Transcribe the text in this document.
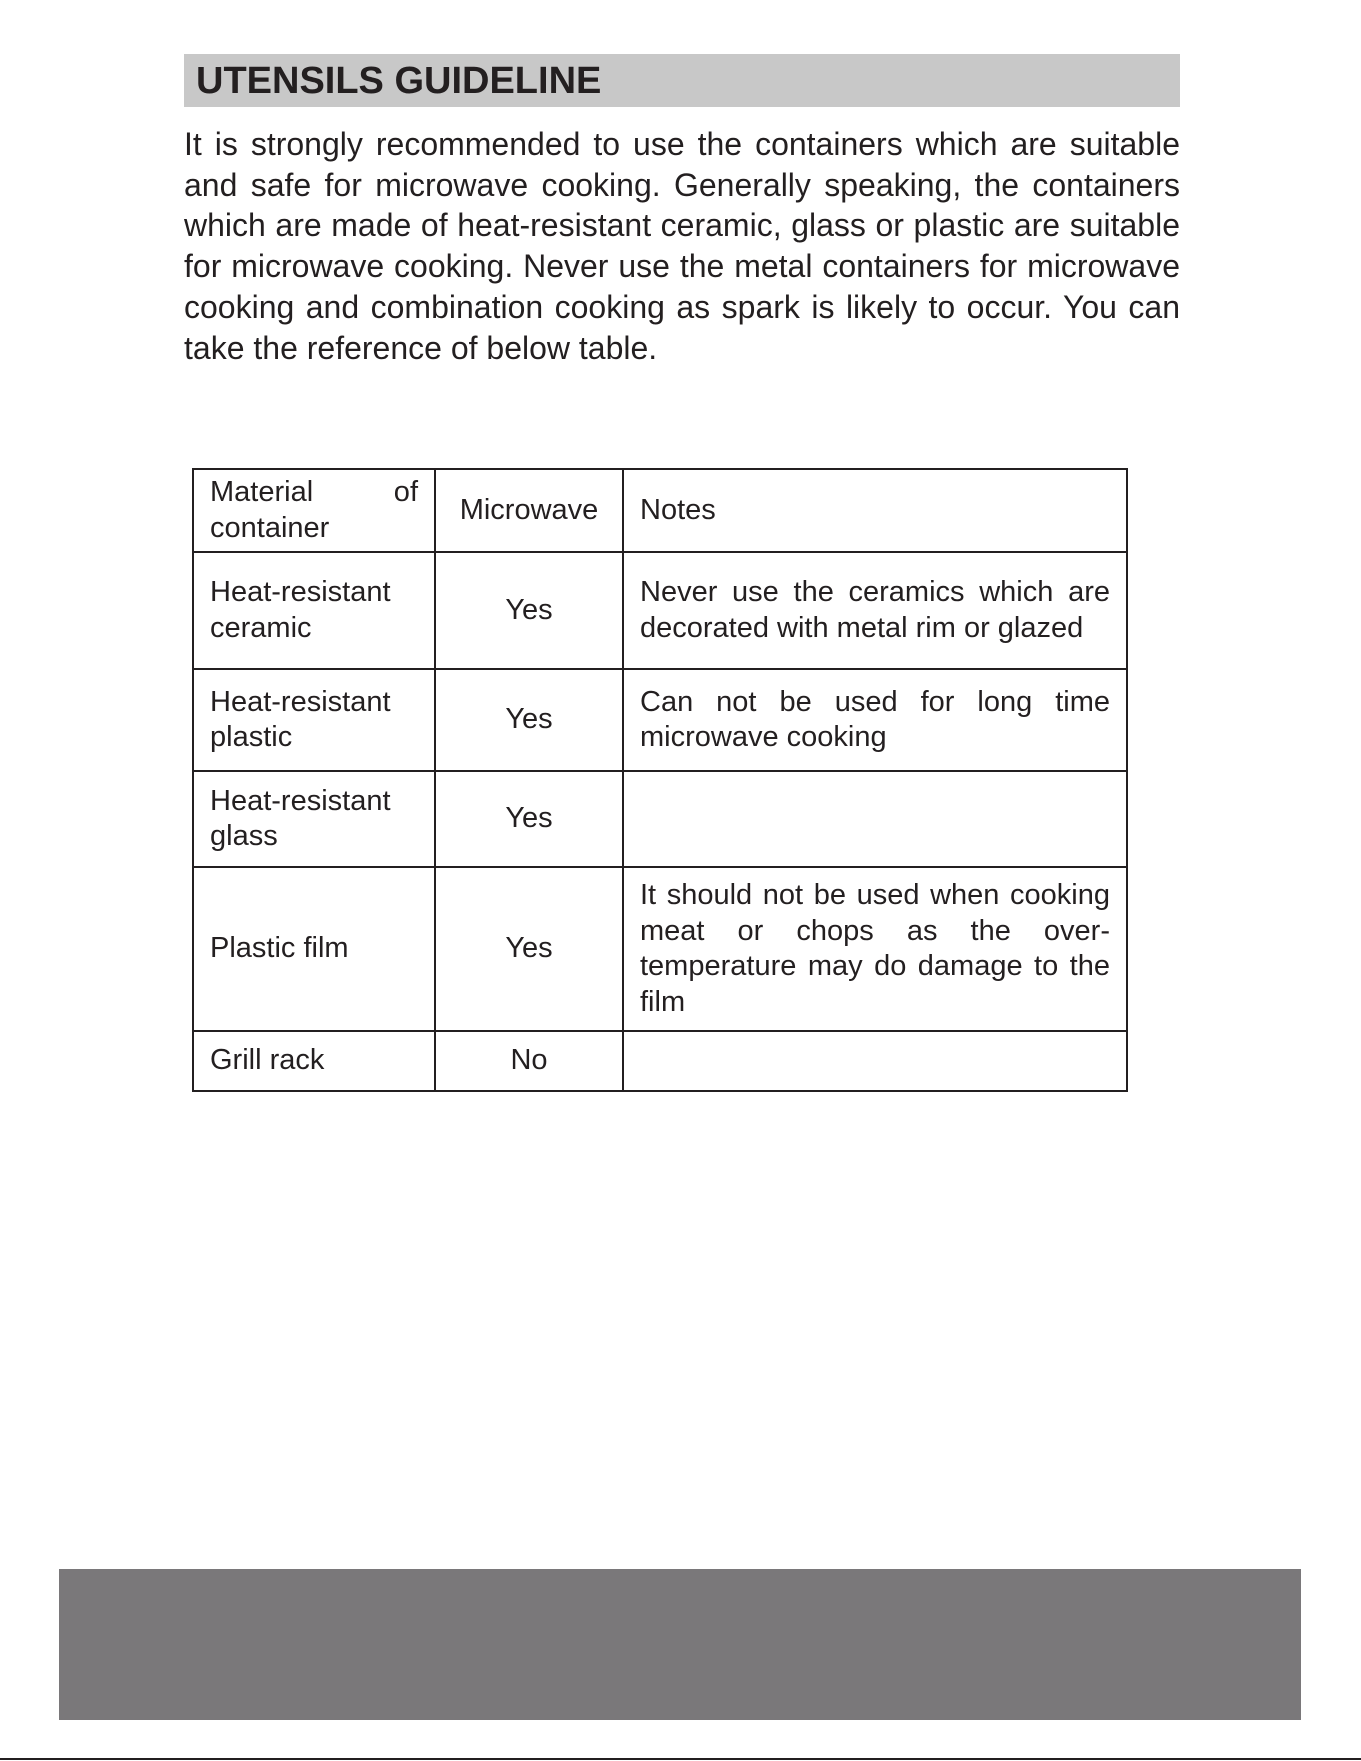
UTENSILS GUIDELINE

It is strongly recommended to use the containers which are suitable and safe for microwave cooking. Generally speaking, the containers which are made of heat-resistant ceramic, glass or plastic are suitable for microwave cooking. Never use the metal containers for microwave cooking and combination cooking as spark is likely to occur. You can take the reference of below table.

Material of container	Microwave	Notes
Heat-resistant ceramic	Yes	Never use the ceramics which are decorated with metal rim or glazed
Heat-resistant plastic	Yes	Can not be used for long time microwave cooking
Heat-resistant glass	Yes	
Plastic film	Yes	It should not be used when cooking meat or chops as the over-temperature may do damage to the film
Grill rack	No	
